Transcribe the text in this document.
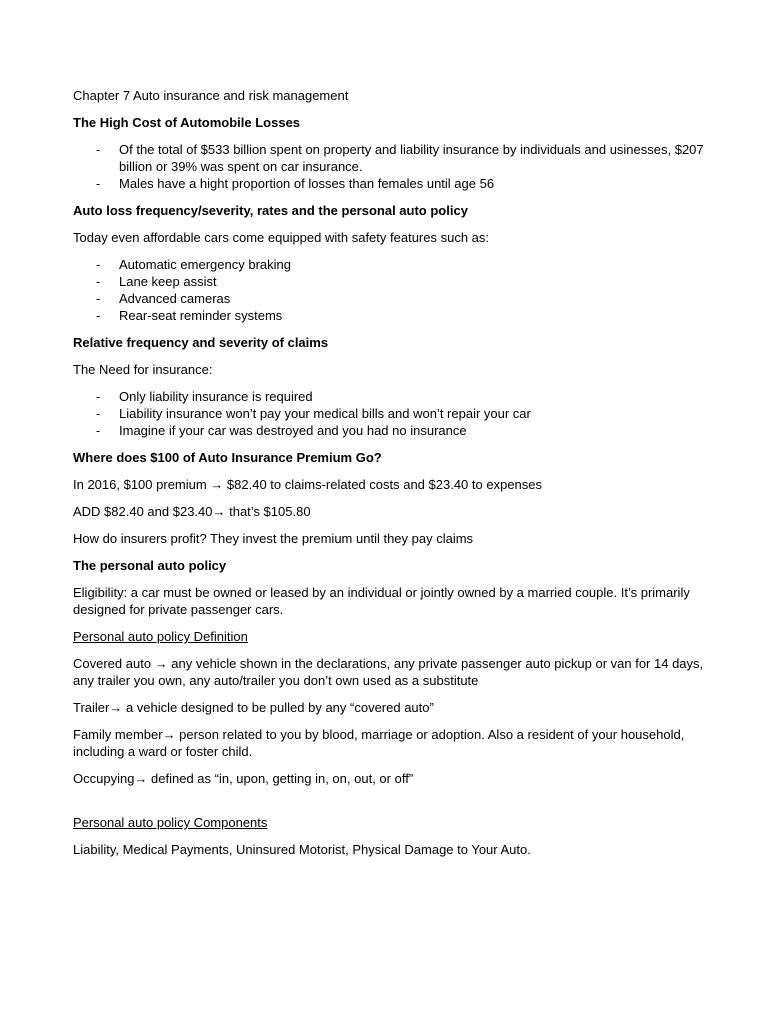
Chapter 7 Auto insurance and risk management

The High Cost of Automobile Losses

- Of the total of $533 billion spent on property and liability insurance by individuals and usinesses, $207 billion or 39% was spent on car insurance.
- Males have a hight proportion of losses than females until age 56

Auto loss frequency/severity, rates and the personal auto policy

Today even affordable cars come equipped with safety features such as:

- Automatic emergency braking
- Lane keep assist
- Advanced cameras
- Rear-seat reminder systems

Relative frequency and severity of claims

The Need for insurance:

- Only liability insurance is required
- Liability insurance won’t pay your medical bills and won’t repair your car
- Imagine if your car was destroyed and you had no insurance

Where does $100 of Auto Insurance Premium Go?

In 2016, $100 premium → $82.40 to claims-related costs and $23.40 to expenses

ADD $82.40 and $23.40→ that’s $105.80

How do insurers profit? They invest the premium until they pay claims

The personal auto policy

Eligibility: a car must be owned or leased by an individual or jointly owned by a married couple. It’s primarily designed for private passenger cars.

Personal auto policy Definition

Covered auto → any vehicle shown in the declarations, any private passenger auto pickup or van for 14 days, any trailer you own, any auto/trailer you don’t own used as a substitute

Trailer→ a vehicle designed to be pulled by any “covered auto”

Family member→ person related to you by blood, marriage or adoption. Also a resident of your household, including a ward or foster child.

Occupying→ defined as “in, upon, getting in, on, out, or off”

Personal auto policy Components

Liability, Medical Payments, Uninsured Motorist, Physical Damage to Your Auto.
